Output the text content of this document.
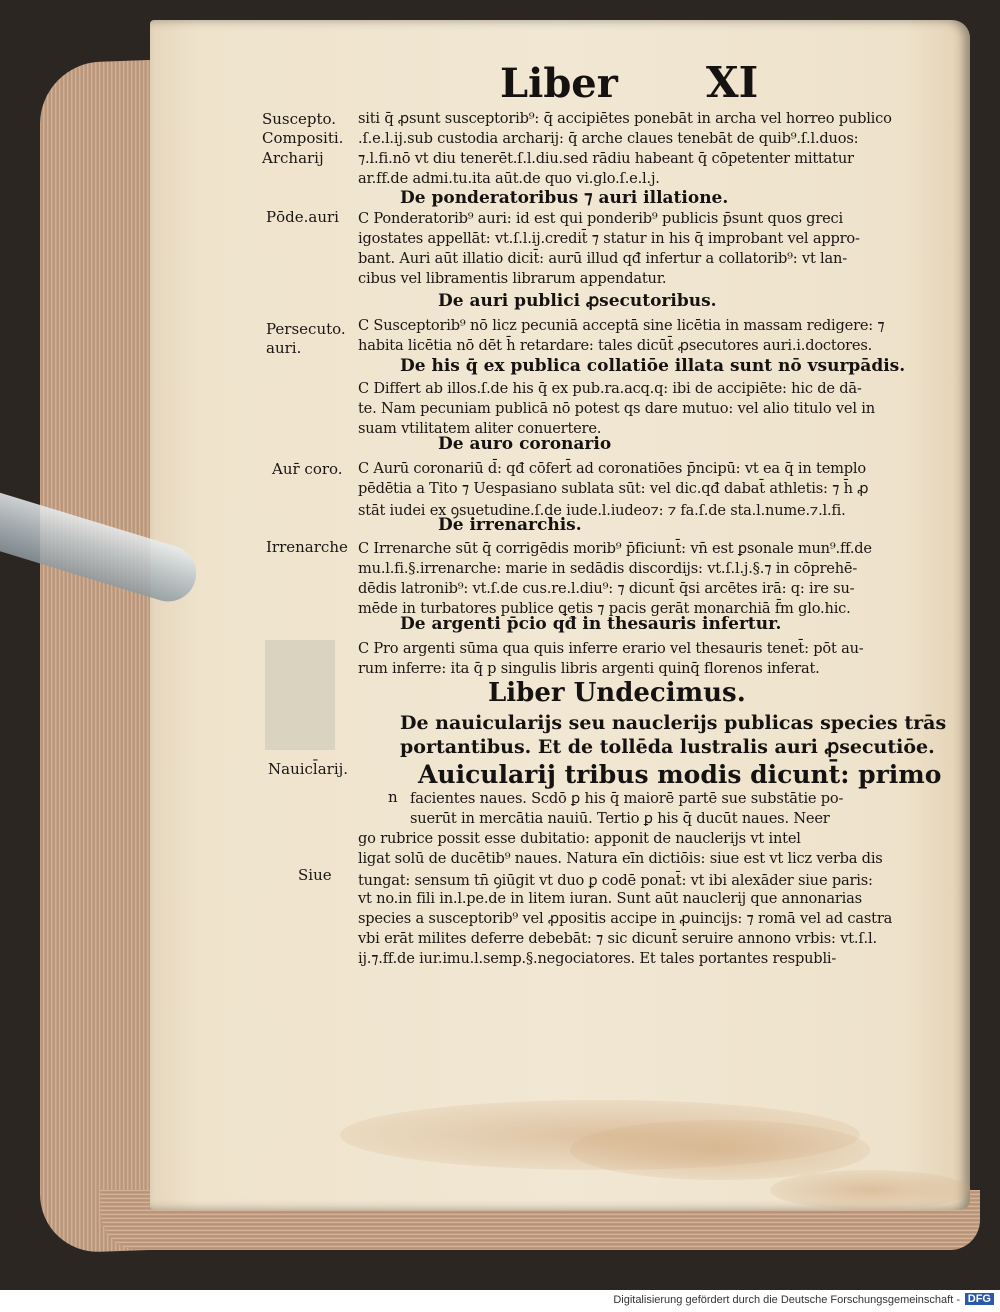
Liber XI
Suscepto.
Compositi.
Archarij
Pōde.auri
Persecuto.
auri.
Aur̄ coro.
Irrenarche
Nauicl̄arij.
n
Siue
siti q̄ ꝓsunt susceptorib⁹: q̄ accipiētes ponebāt in archa vel horreo publico
.ſ.e.l.ij.sub custodia archarij: q̄ arche claues tenebāt de quib⁹.ſ.l.duos:
⁊.l.fi.nō vt diu tenerēt.ſ.l.diu.sed rādiu habeant q̄ cōpetenter mittatur
ar.ff.de admi.tu.ita aūt.de quo vi.glo.ſ.e.l.j.
De ponderatoribus ⁊ auri illatione.
C Ponderatorib⁹ auri: id est qui ponderib⁹ publicis p̄sunt quos greci
igostates appellāt: vt.ſ.l.ij.credit̄ ⁊ statur in his q̄ improbant vel appro-
bant. Auri aūt illatio dicit̄: aurū illud qđ infertur a collatorib⁹: vt lan-
cibus vel libramentis librarum appendatur.
De auri publici ꝓsecutoribus.
C Susceptorib⁹ nō licz pecuniā acceptā sine licētia in massam redigere: ⁊
habita licētia nō dēt h̄ retardare: tales dicūt̄ ꝓsecutores auri.i.doctores.
De his q̄ ex publica collatiōe illata sunt nō vsurpādis.
C Differt ab illos.ſ.de his q̄ ex pub.ra.acq.q: ibi de accipiēte: hic de dā-
te. Nam pecuniam publicā nō potest qs dare mutuo: vel alio titulo vel in
suam vtilitatem aliter conuertere.
De auro coronario
C Aurū coronariū d̄: qđ cōfert̄ ad coronatiōes p̄ncipū: vt ea q̄ in templo
pēdētia a Tito ⁊ Uespasiano sublata sūt: vel dic.qđ dabat̄ athletis: ⁊ h̄ ꝓ
stāt iudei ex ꝯsuetudine.ſ.de iude.l.iudeo⁊: ⁊ fa.ſ.de sta.l.nume.⁊.l.fi.
De irrenarchis.
C Irrenarche sūt q̄ corrigēdis morib⁹ p̄ficiunt̄: vn̄ est ꝑsonale mun⁹.ff.de
mu.l.fi.§.irrenarche: marie in sedādis discordijs: vt.ſ.l.j.§.⁊ in cōprehē-
dēdis latronib⁹: vt.ſ.de cus.re.l.diu⁹: ⁊ dicunt̄ q̄si arcētes irā: q: ire su-
mēde in turbatores publice ꝗetis ⁊ pacis gerāt monarchiā f̄m glo.hic.
De argenti p̄cio qđ in thesauris infertur.
C Pro argenti sūma qua quis inferre erario vel thesauris tenet̄: pōt au-
rum inferre: ita q̄ p singulis libris argenti quinq̄ florenos inferat.
Liber Undecimus.
De nauicularijs seu nauclerijs publicas species trās
portantibus. Et de tollēda lustralis auri ꝓsecutiōe.
Auicularij tribus modis dicunt̄: primo
facientes naues. Scdō ꝑ his q̄ maiorē partē sue substātie po-
suerūt in mercātia nauiū. Tertio ꝑ his q̄ ducūt naues. Neer
go rubrice possit esse dubitatio: apponit de nauclerijs vt intel
ligat solū de ducētib⁹ naues. Natura eīn dictiōis: siue est vt licz verba dis
tungat: sensum tn̄ ꝯiūgit vt duo ꝑ codē ponat̄: vt ibi alexāder siue paris:
vt no.in fili in.l.pe.de in litem iuran. Sunt aūt nauclerij que annonarias
species a susceptorib⁹ vel ꝓpositis accipe in ꝓuincijs: ⁊ romā vel ad castra
vbi erāt milites deferre debebāt: ⁊ sic dicunt̄ seruire annono vrbis: vt.ſ.l.
ij.⁊.ff.de iur.imu.l.semp.§.negociatores. Et tales portantes respubli-
Digitalisierung gefördert durch die Deutsche Forschungsgemeinschaft - DFG
